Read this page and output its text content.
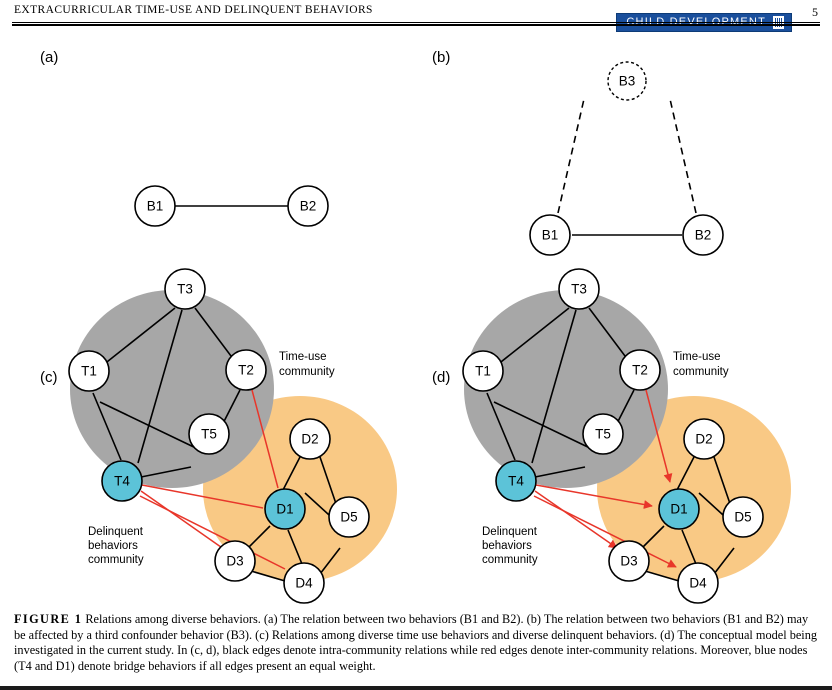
EXTRACURRICULAR TIME-USE AND DELINQUENT BEHAVIORS	5
(a)
B1	B2
(b)
B3
B1	B2
(c)
T3
T1	T2
T5
T4
D2
D1
D5
D3
D4
Time-use
community
Delinquent
behaviors
community
(d)
T3
T1	T2
T5
T4
D2
D1
D5
D3
D4
Time-use
community
Delinquent
behaviors
community
FIGURE 1 Relations among diverse behaviors. (a) The relation between two behaviors (B1 and B2). (b) The relation between two behaviors (B1 and B2) may be affected by a third confounder behavior (B3). (c) Relations among diverse time use behaviors and diverse delinquent behaviors. (d) The conceptual model being investigated in the current study. In (c, d), black edges denote intra-community relations while red edges denote inter-community relations. Moreover, blue nodes (T4 and D1) denote bridge behaviors if all edges present an equal weight.
